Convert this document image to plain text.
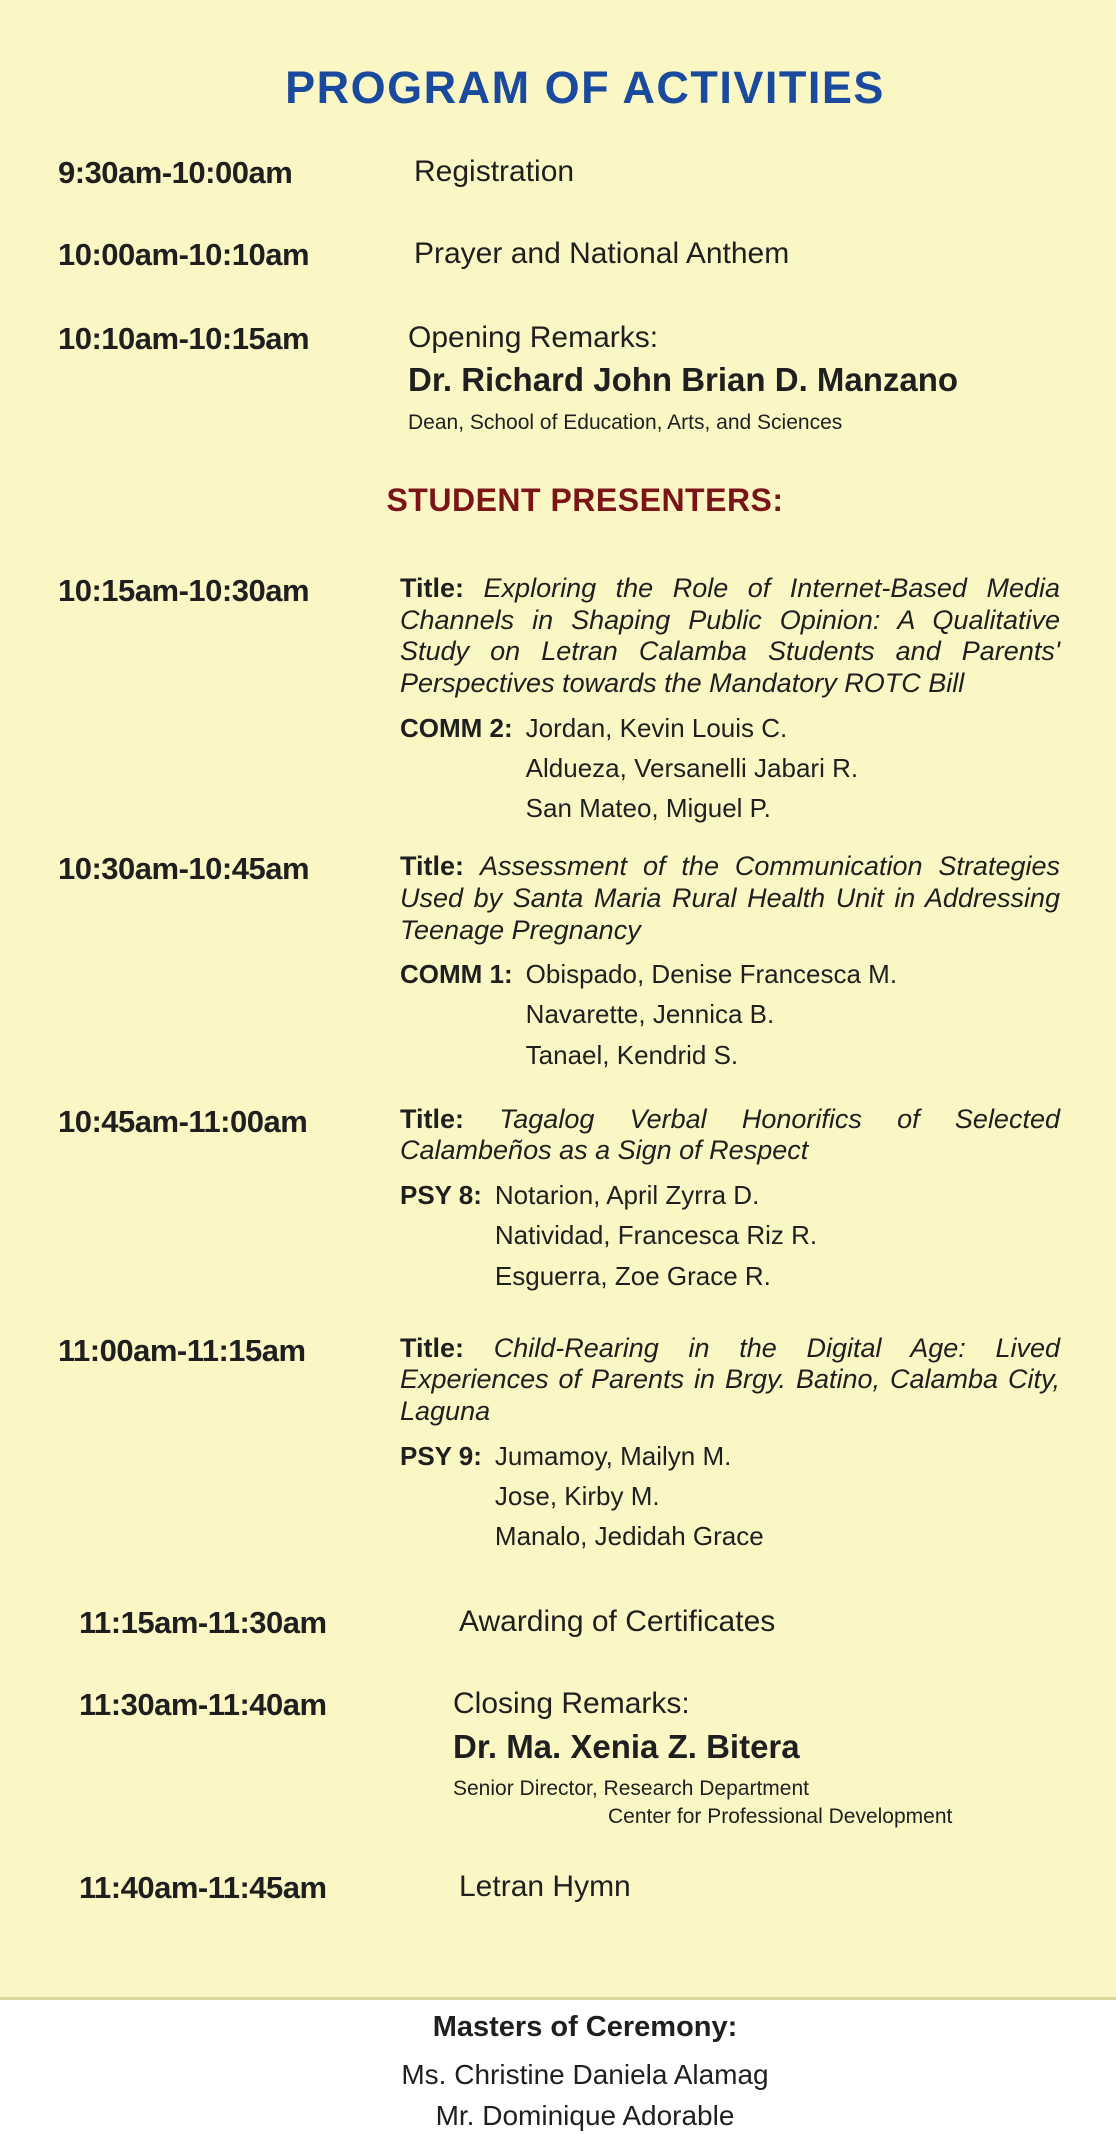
PROGRAM OF ACTIVITIES
9:30am-10:00am	Registration
10:00am-10:10am	Prayer and National Anthem
10:10am-10:15am	Opening Remarks:
Dr. Richard John Brian D. Manzano
Dean, School of Education, Arts, and Sciences
STUDENT PRESENTERS:
10:15am-10:30am	Title: Exploring the Role of Internet-Based Media Channels in Shaping Public Opinion: A Qualitative Study on Letran Calamba Students and Parents' Perspectives towards the Mandatory ROTC Bill

COMM 2: Jordan, Kevin Louis C.
Aldueza, Versanelli Jabari R.
San Mateo, Miguel P.
10:30am-10:45am	Title: Assessment of the Communication Strategies Used by Santa Maria Rural Health Unit in Addressing Teenage Pregnancy

COMM 1: Obispado, Denise Francesca M.
Navarette, Jennica B.
Tanael, Kendrid S.
10:45am-11:00am	Title: Tagalog Verbal Honorifics of Selected Calambeños as a Sign of Respect

PSY 8: Notarion, April Zyrra D.
Natividad, Francesca Riz R.
Esguerra, Zoe Grace R.
11:00am-11:15am	Title: Child-Rearing in the Digital Age: Lived Experiences of Parents in Brgy. Batino, Calamba City, Laguna

PSY 9: Jumamoy, Mailyn M.
Jose, Kirby M.
Manalo, Jedidah Grace
11:15am-11:30am	Awarding of Certificates
11:30am-11:40am	Closing Remarks:
Dr. Ma. Xenia Z. Bitera
Senior Director, Research Department
Center for Professional Development
11:40am-11:45am	Letran Hymn
Masters of Ceremony:
Ms. Christine Daniela Alamag
Mr. Dominique Adorable
